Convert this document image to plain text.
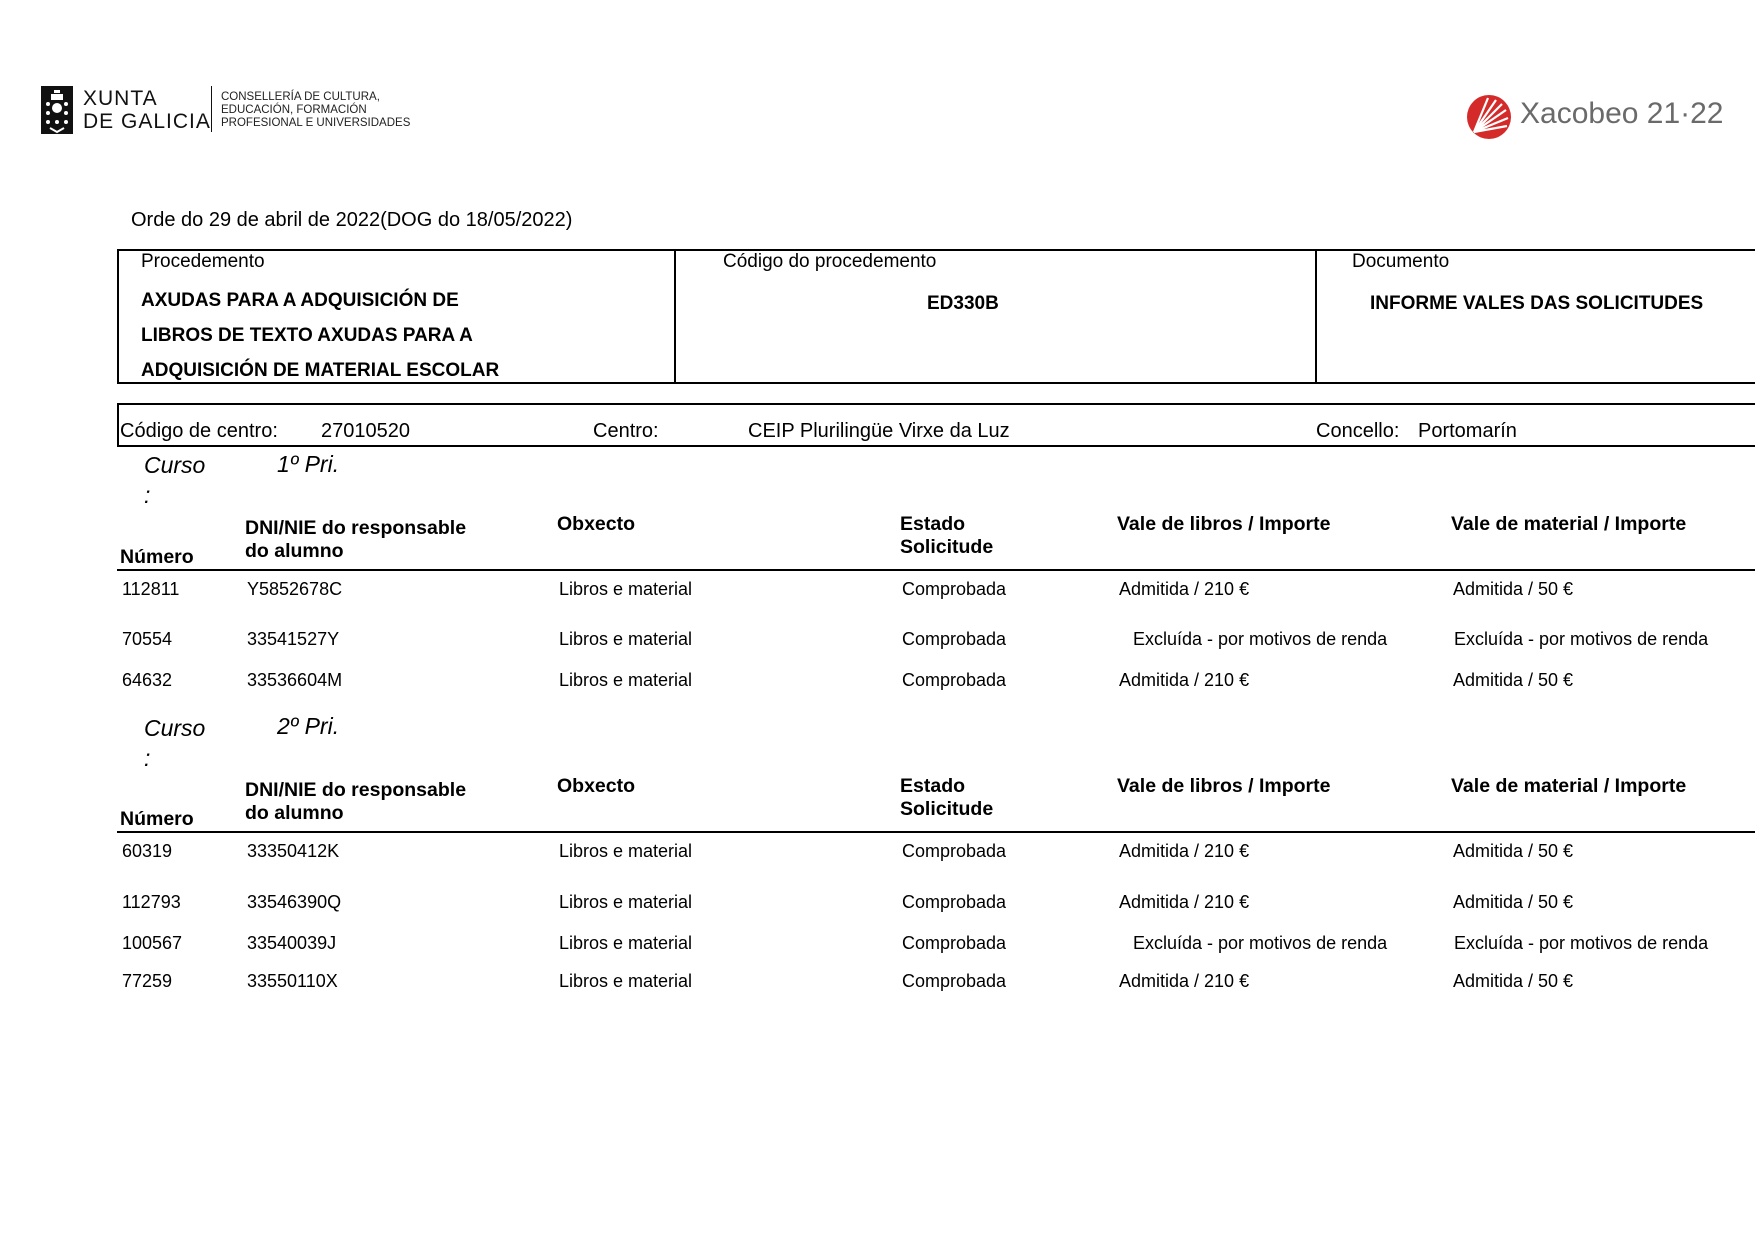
XUNTA
DE GALICIA
CONSELLERÍA DE CULTURA,
EDUCACIÓN, FORMACIÓN
PROFESIONAL E UNIVERSIDADES	Xacobeo 21·22
Orde do 29 de abril de 2022(DOG do 18/05/2022)
Procedemento
AXUDAS PARA A ADQUISICIÓN DE
LIBROS DE TEXTO AXUDAS PARA A
ADQUISICIÓN DE MATERIAL ESCOLAR
Código do procedemento
ED330B
Documento
INFORME VALES DAS SOLICITUDES
Código de centro: 27010520	Centro:	CEIP Plurilingüe Virxe da Luz	Concello: Portomarín
Curso
:
1º Pri.
Número
DNI/NIE do responsable
do alumno
Obxecto	Estado
Solicitude
Vale de libros / Importe	Vale de material / Importe
112811	Y5852678C	Libros e material	Comprobada	Admitida / 210 €	Admitida / 50 €
70554	33541527Y	Libros e material	Comprobada	Excluída - por motivos de renda	Excluída - por motivos de renda
64632	33536604M	Libros e material	Comprobada	Admitida / 210 €	Admitida / 50 €
Curso
:
2º Pri.
Número
DNI/NIE do responsable
do alumno
Obxecto	Estado
Solicitude
Vale de libros / Importe	Vale de material / Importe
60319	33350412K	Libros e material	Comprobada	Admitida / 210 €	Admitida / 50 €
112793	33546390Q	Libros e material	Comprobada	Admitida / 210 €	Admitida / 50 €
100567	33540039J	Libros e material	Comprobada	Excluída - por motivos de renda	Excluída - por motivos de renda
77259	33550110X	Libros e material	Comprobada	Admitida / 210 €	Admitida / 50 €
